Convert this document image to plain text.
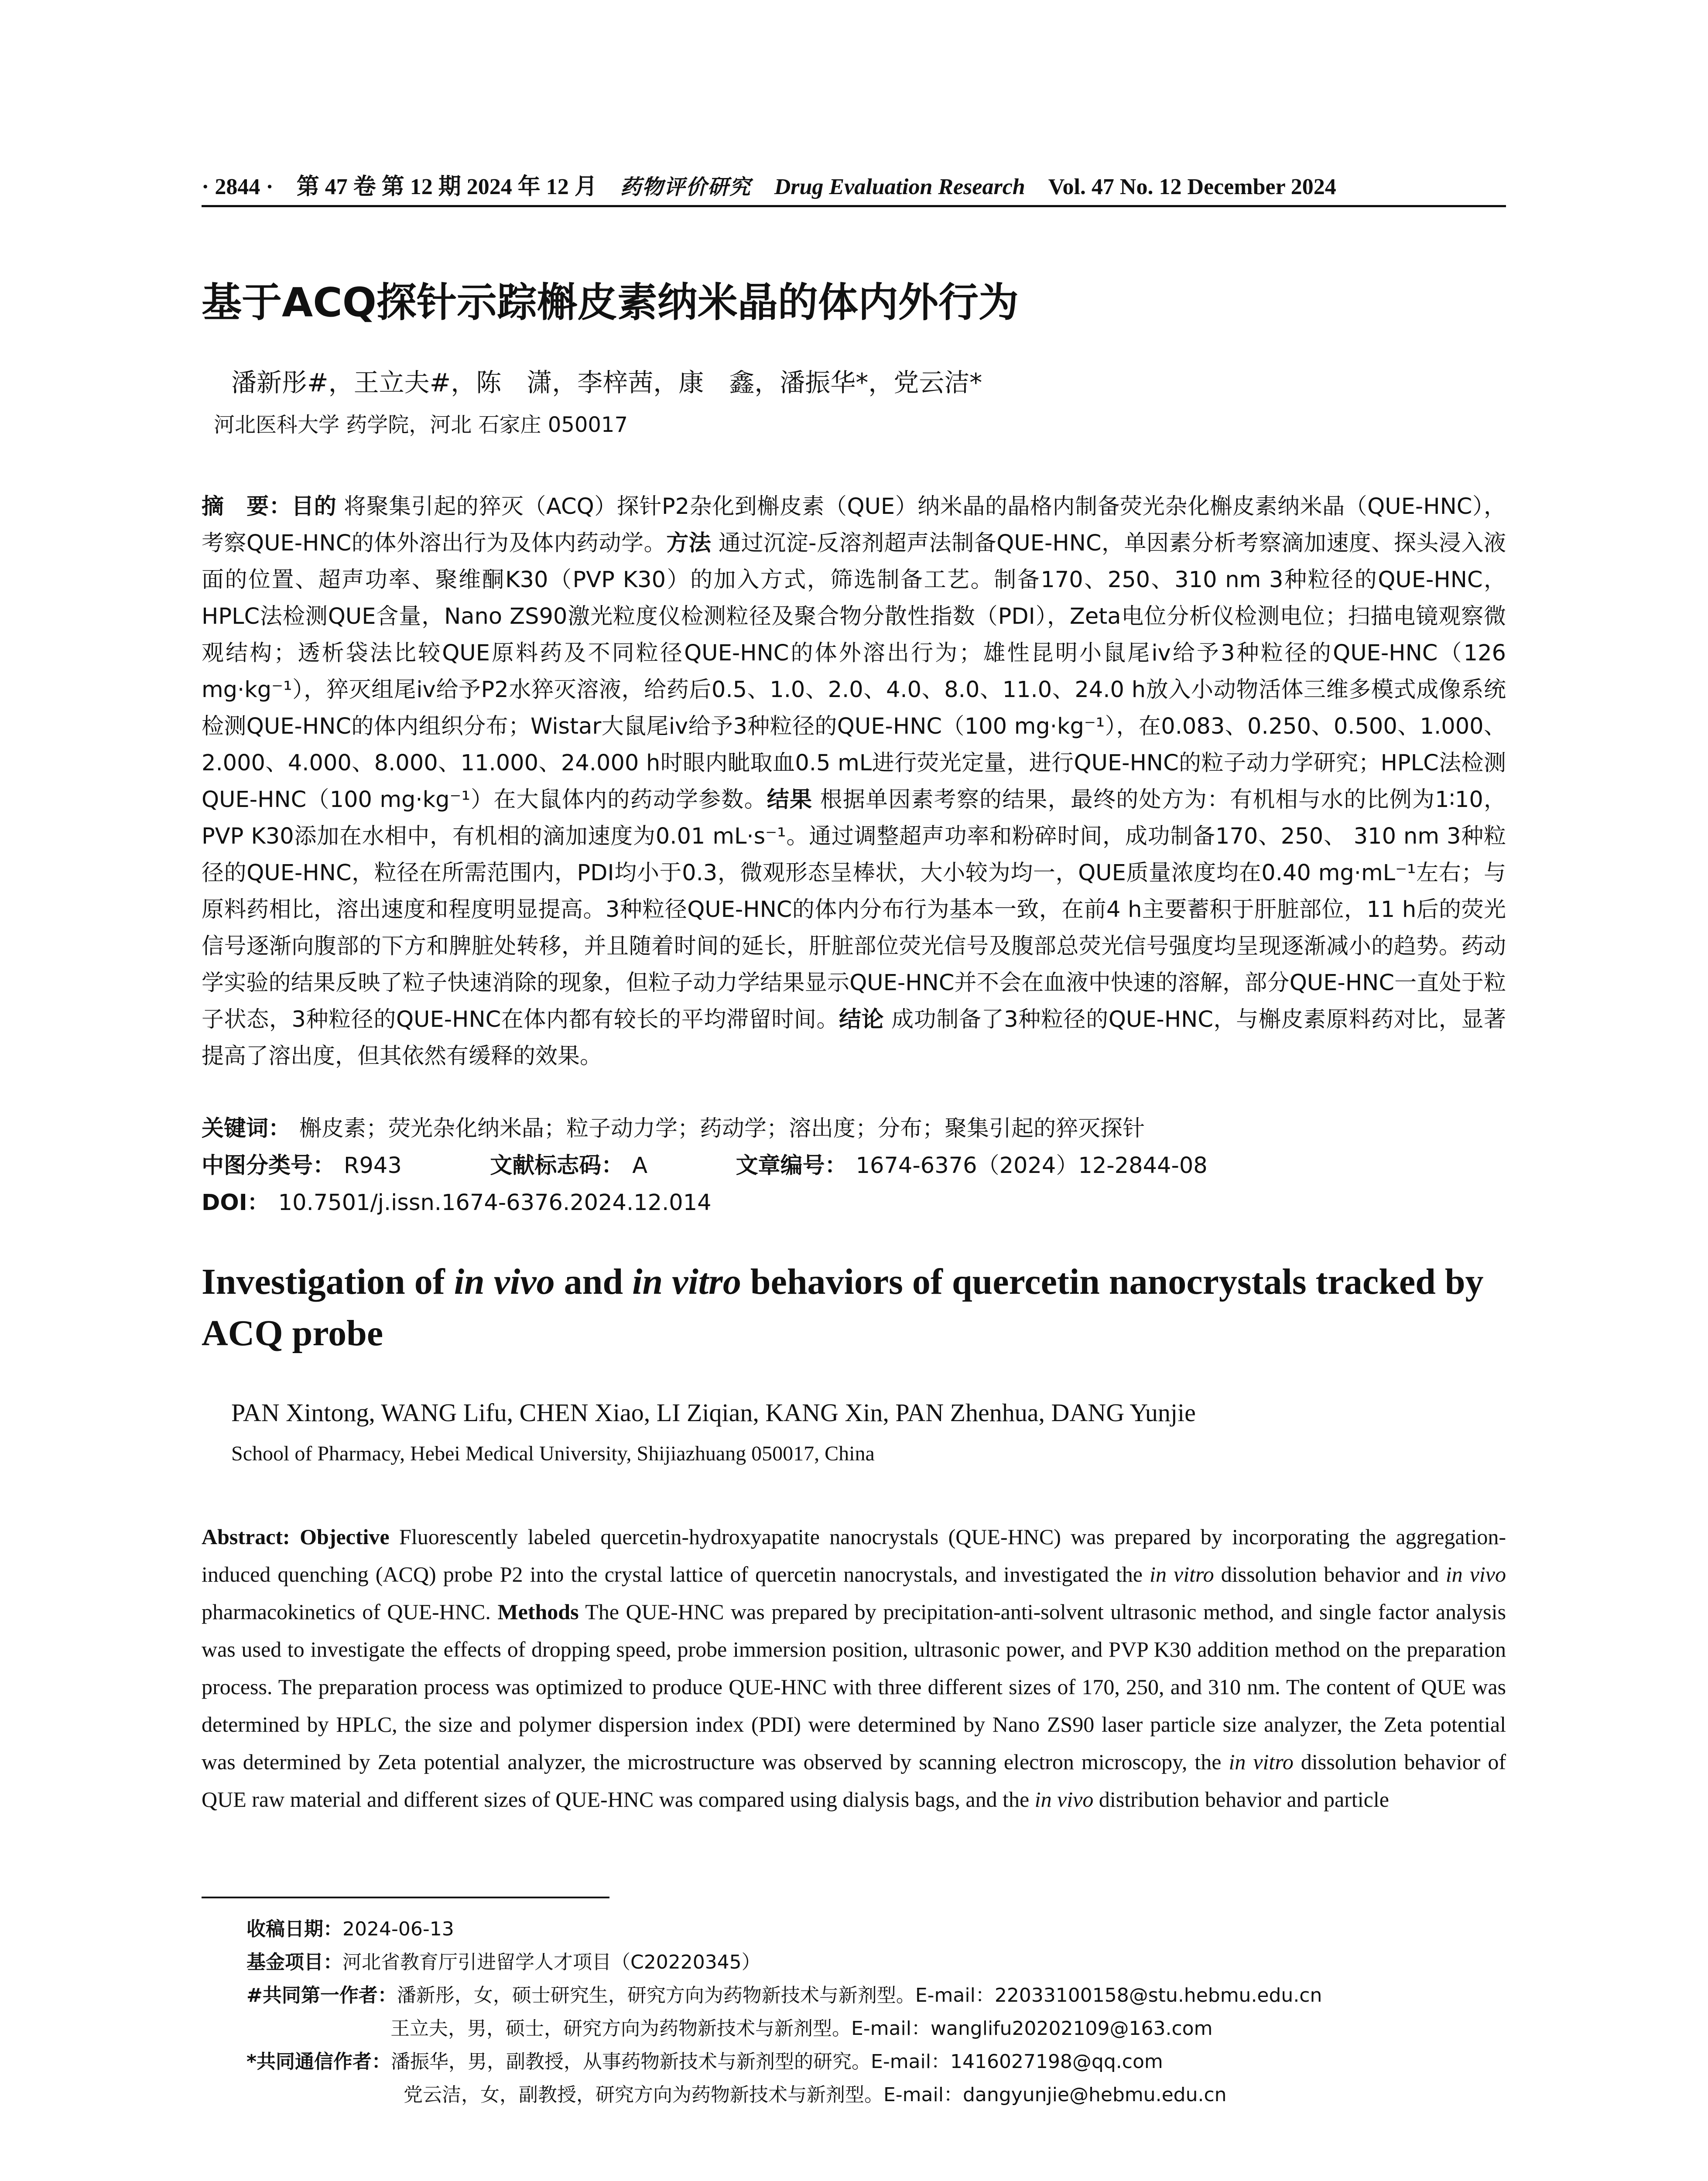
· 2844 · 第 47 卷 第 12 期 2024 年 12 月 药物评价研究 Drug Evaluation Research Vol. 47 No. 12 December 2024
基于ACQ探针示踪槲皮素纳米晶的体内外行为
潘新彤#，王立夫#，陈　潇，李梓茜，康　鑫，潘振华*，党云洁*
河北医科大学 药学院，河北 石家庄 050017
摘　要：目的 将聚集引起的猝灭（ACQ）探针P2杂化到槲皮素（QUE）纳米晶的晶格内制备荧光杂化槲皮素纳米晶（QUE-HNC），考察QUE-HNC的体外溶出行为及体内药动学。方法 通过沉淀-反溶剂超声法制备QUE-HNC，单因素分析考察滴加速度、探头浸入液面的位置、超声功率、聚维酮K30（PVP K30）的加入方式，筛选制备工艺。制备170、250、310 nm 3种粒径的QUE-HNC，HPLC法检测QUE含量，Nano ZS90激光粒度仪检测粒径及聚合物分散性指数（PDI），Zeta电位分析仪检测电位；扫描电镜观察微观结构；透析袋法比较QUE原料药及不同粒径QUE-HNC的体外溶出行为；雄性昆明小鼠尾iv给予3种粒径的QUE-HNC（126 mg·kg⁻¹），猝灭组尾iv给予P2水猝灭溶液，给药后0.5、1.0、2.0、4.0、8.0、11.0、24.0 h放入小动物活体三维多模式成像系统检测QUE-HNC的体内组织分布；Wistar大鼠尾iv给予3种粒径的QUE-HNC（100 mg·kg⁻¹），在0.083、0.250、0.500、1.000、2.000、4.000、8.000、11.000、24.000 h时眼内眦取血0.5 mL进行荧光定量，进行QUE-HNC的粒子动力学研究；HPLC法检测QUE-HNC（100 mg·kg⁻¹）在大鼠体内的药动学参数。结果 根据单因素考察的结果，最终的处方为：有机相与水的比例为1∶10，PVP K30添加在水相中，有机相的滴加速度为0.01 mL·s⁻¹。通过调整超声功率和粉碎时间，成功制备170、250、 310 nm 3种粒径的QUE-HNC，粒径在所需范围内，PDI均小于0.3，微观形态呈棒状，大小较为均一，QUE质量浓度均在0.40 mg·mL⁻¹左右；与原料药相比，溶出速度和程度明显提高。3种粒径QUE-HNC的体内分布行为基本一致，在前4 h主要蓄积于肝脏部位，11 h后的荧光信号逐渐向腹部的下方和脾脏处转移，并且随着时间的延长，肝脏部位荧光信号及腹部总荧光信号强度均呈现逐渐减小的趋势。药动学实验的结果反映了粒子快速消除的现象，但粒子动力学结果显示QUE-HNC并不会在血液中快速的溶解，部分QUE-HNC一直处于粒子状态，3种粒径的QUE-HNC在体内都有较长的平均滞留时间。结论 成功制备了3种粒径的QUE-HNC，与槲皮素原料药对比，显著提高了溶出度，但其依然有缓释的效果。
关键词： 槲皮素；荧光杂化纳米晶；粒子动力学；药动学；溶出度；分布；聚集引起的猝灭探针
中图分类号： R943	文献标志码： A	文章编号： 1674-6376（2024）12-2844-08
DOI： 10.7501/j.issn.1674-6376.2024.12.014
Investigation of in vivo and in vitro behaviors of quercetin nanocrystals tracked by ACQ probe
PAN Xintong, WANG Lifu, CHEN Xiao, LI Ziqian, KANG Xin, PAN Zhenhua, DANG Yunjie
School of Pharmacy, Hebei Medical University, Shijiazhuang 050017, China
Abstract: Objective Fluorescently labeled quercetin-hydroxyapatite nanocrystals (QUE-HNC) was prepared by incorporating the aggregation-induced quenching (ACQ) probe P2 into the crystal lattice of quercetin nanocrystals, and investigated the in vitro dissolution behavior and in vivo pharmacokinetics of QUE-HNC. Methods The QUE-HNC was prepared by precipitation-anti-solvent ultrasonic method, and single factor analysis was used to investigate the effects of dropping speed, probe immersion position, ultrasonic power, and PVP K30 addition method on the preparation process. The preparation process was optimized to produce QUE-HNC with three different sizes of 170, 250, and 310 nm. The content of QUE was determined by HPLC, the size and polymer dispersion index (PDI) were determined by Nano ZS90 laser particle size analyzer, the Zeta potential was determined by Zeta potential analyzer, the microstructure was observed by scanning electron microscopy, the in vitro dissolution behavior of QUE raw material and different sizes of QUE-HNC was compared using dialysis bags, and the in vivo distribution behavior and particle
收稿日期：2024-06-13
基金项目：河北省教育厅引进留学人才项目（C20220345）
#共同第一作者：潘新彤，女，硕士研究生，研究方向为药物新技术与新剂型。E-mail：22033100158@stu.hebmu.edu.cn
王立夫，男，硕士，研究方向为药物新技术与新剂型。E-mail：wanglifu20202109@163.com
*共同通信作者：潘振华，男，副教授，从事药物新技术与新剂型的研究。E-mail：1416027198@qq.com
党云洁，女，副教授，研究方向为药物新技术与新剂型。E-mail：dangyunjie@hebmu.edu.cn
